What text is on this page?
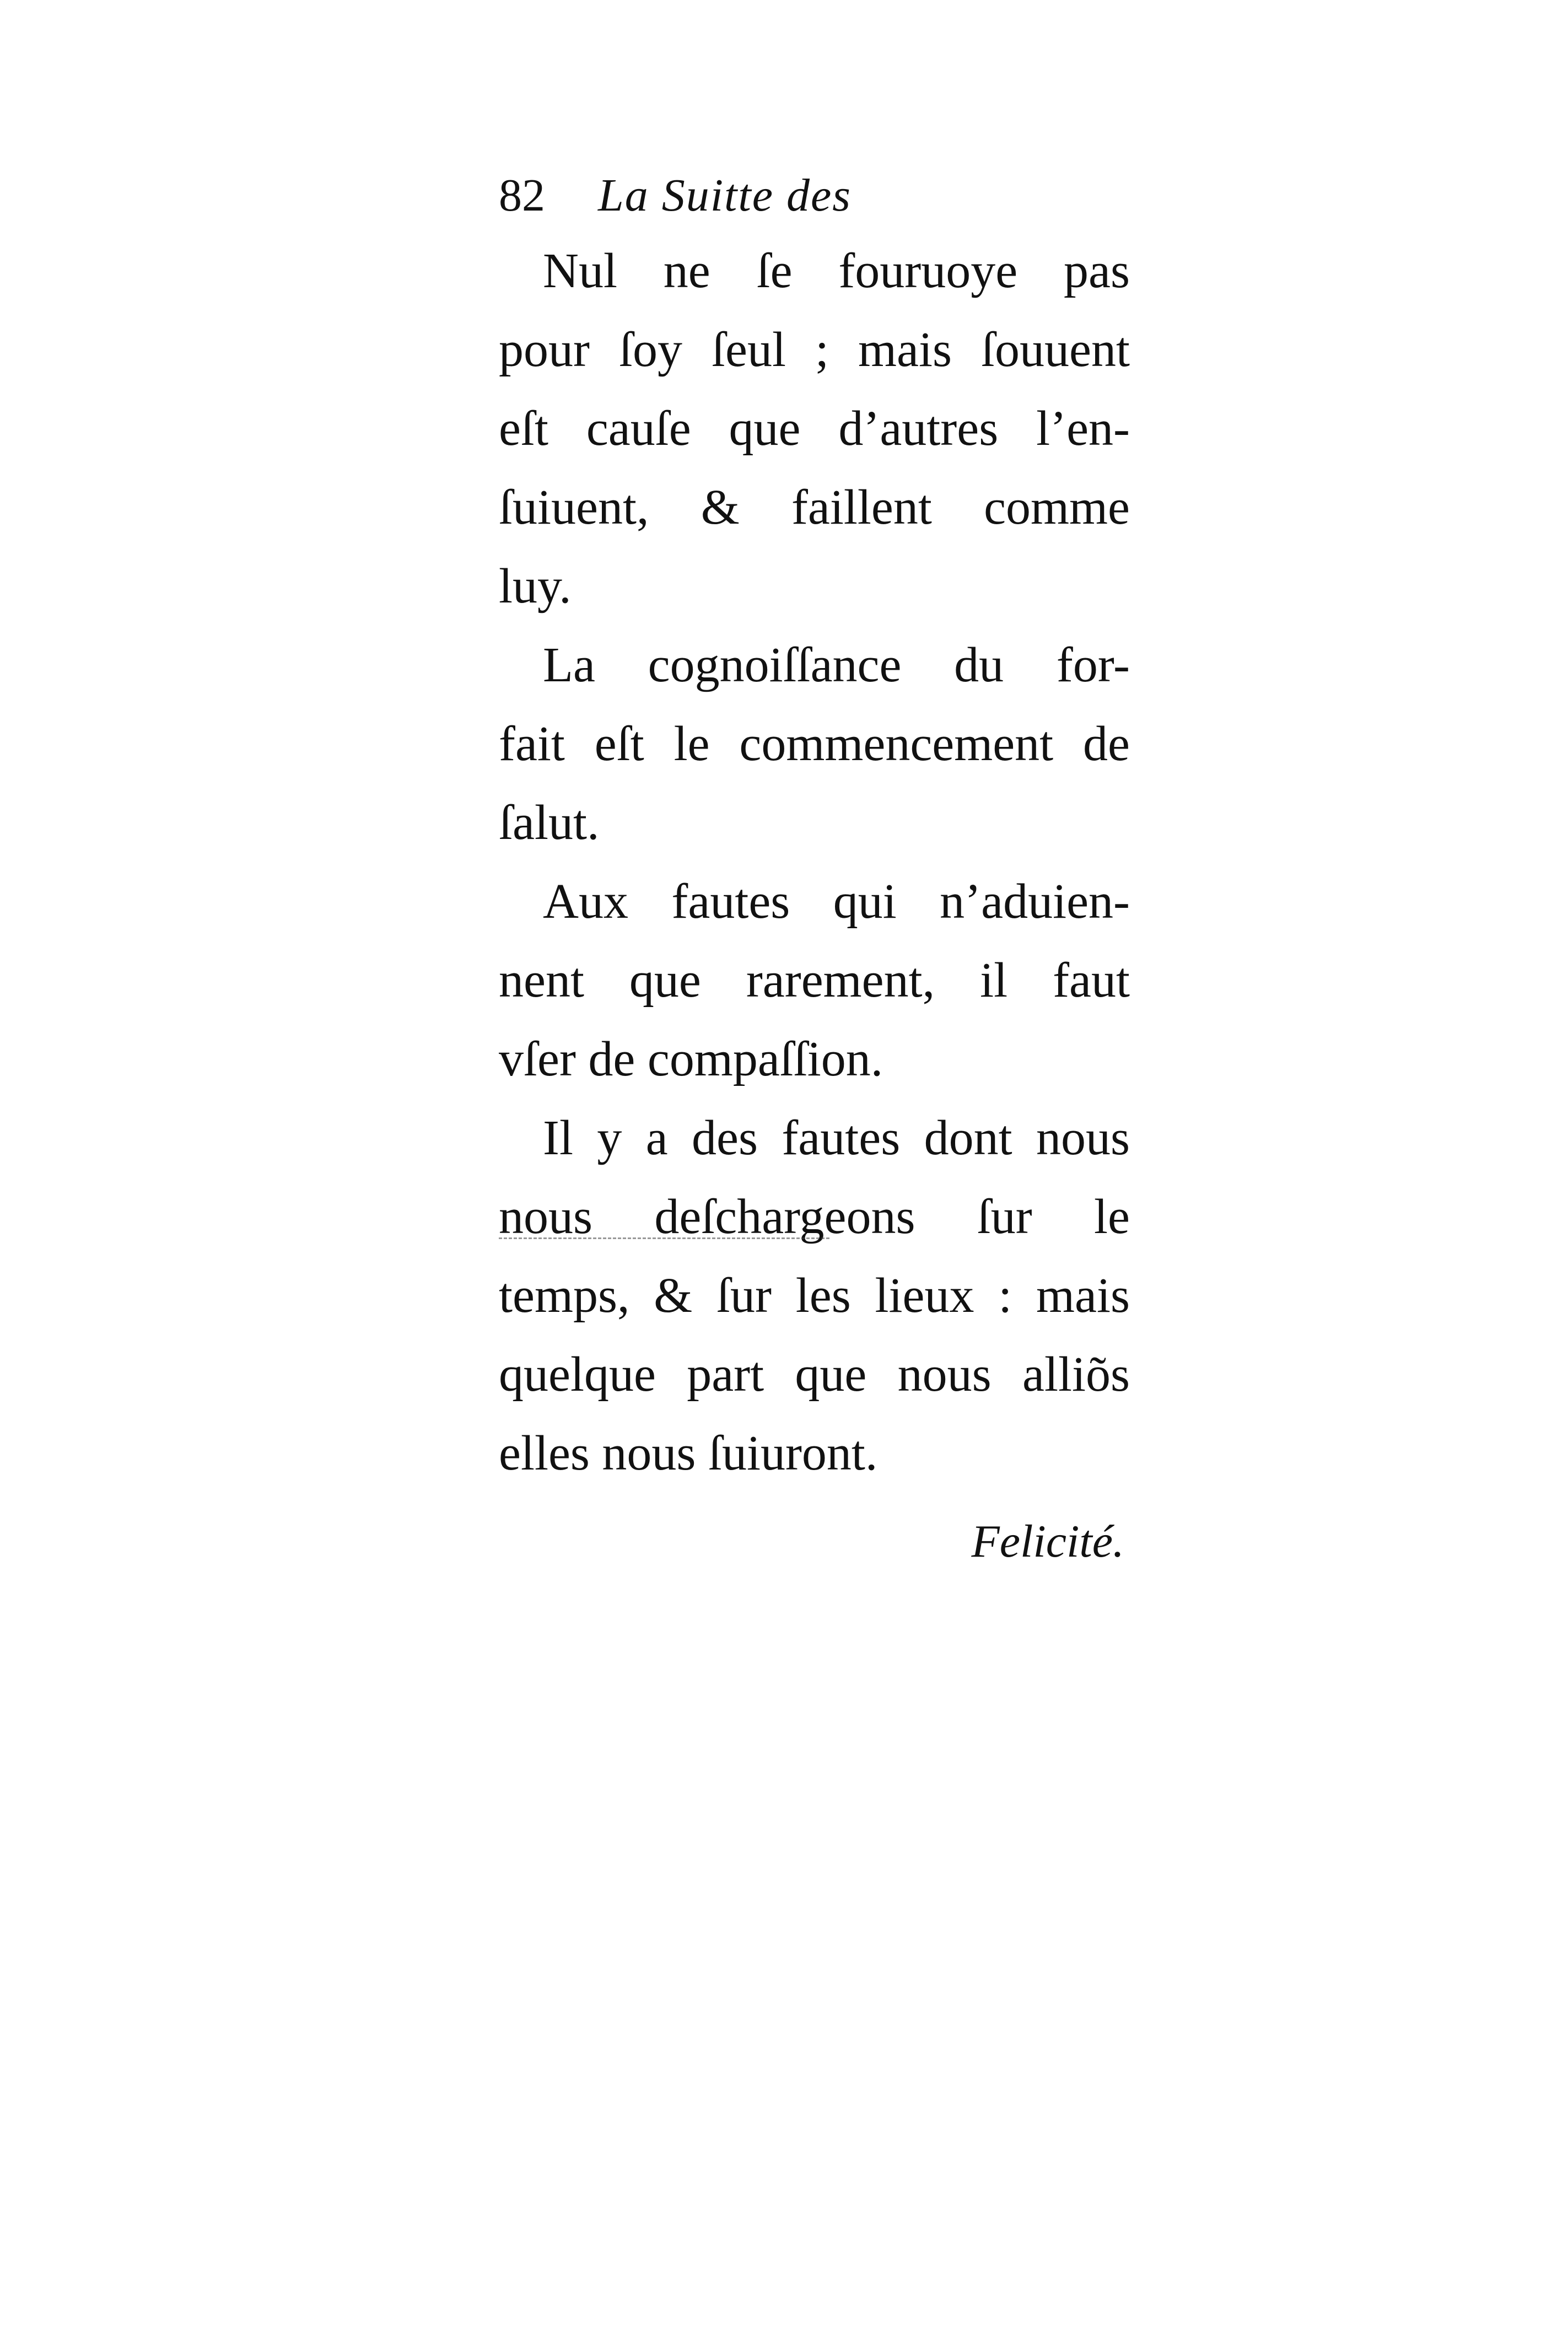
82	La Suitte des

Nul ne ſe fouruoye pas
pour ſoy ſeul ; mais ſouuent
eſt cauſe que d’autres l’en-
ſuiuent, & faillent comme
luy.

La cognoiſſance du for-
fait eſt le commencement de
ſalut.

Aux fautes qui n’aduien-
nent que rarement, il faut
vſer de compaſſion.

Il y a des fautes dont nous
nous deſchargeons ſur le
temps, & ſur les lieux : mais
quelque part que nous alliõs
elles nous ſuiuront.

Felicité.
